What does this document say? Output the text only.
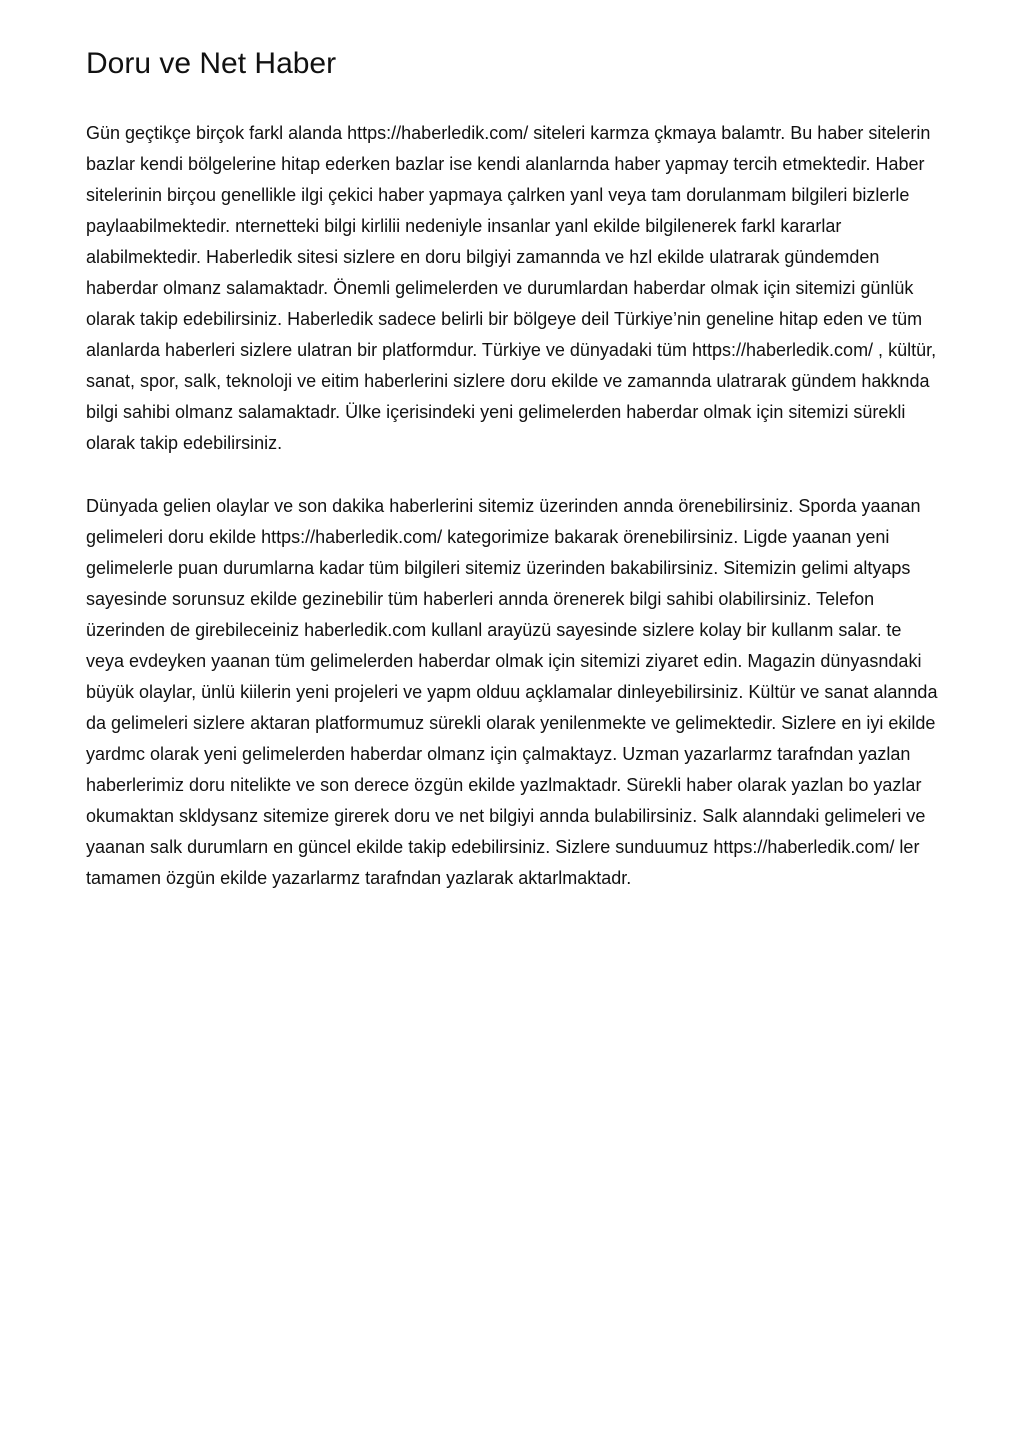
Doru ve Net Haber

Gün geçtikçe birçok farkl alanda https://haberledik.com/ siteleri karmza çkmaya balamtr. Bu haber sitelerin bazlar kendi bölgelerine hitap ederken bazlar ise kendi alanlarnda haber yapmay tercih etmektedir. Haber sitelerinin birçou genellikle ilgi çekici haber yapmaya çalrken yanl veya tam dorulanmam bilgileri bizlerle paylaabilmektedir. nternetteki bilgi kirlilii nedeniyle insanlar yanl ekilde bilgilenerek farkl kararlar alabilmektedir. Haberledik sitesi sizlere en doru bilgiyi zamannda ve hzl ekilde ulatrarak gündemden haberdar olmanz salamaktadr. Önemli gelimelerden ve durumlardan haberdar olmak için sitemizi günlük olarak takip edebilirsiniz. Haberledik sadece belirli bir bölgeye deil Türkiye’nin geneline hitap eden ve tüm alanlarda haberleri sizlere ulatran bir platformdur. Türkiye ve dünyadaki tüm https://haberledik.com/ , kültür, sanat, spor, salk, teknoloji ve eitim haberlerini sizlere doru ekilde ve zamannda ulatrarak gündem hakknda bilgi sahibi olmanz salamaktadr. Ülke içerisindeki yeni gelimelerden haberdar olmak için sitemizi sürekli olarak takip edebilirsiniz.

Dünyada gelien olaylar ve son dakika haberlerini sitemiz üzerinden annda örenebilirsiniz. Sporda yaanan gelimeleri doru ekilde https://haberledik.com/ kategorimize bakarak örenebilirsiniz. Ligde yaanan yeni gelimelerle puan durumlarna kadar tüm bilgileri sitemiz üzerinden bakabilirsiniz. Sitemizin gelimi altyaps sayesinde sorunsuz ekilde gezinebilir tüm haberleri annda örenerek bilgi sahibi olabilirsiniz. Telefon üzerinden de girebileceiniz haberledik.com kullanl arayüzü sayesinde sizlere kolay bir kullanm salar. te veya evdeyken yaanan tüm gelimelerden haberdar olmak için sitemizi ziyaret edin. Magazin dünyasndaki büyük olaylar, ünlü kiilerin yeni projeleri ve yapm olduu açklamalar dinleyebilirsiniz. Kültür ve sanat alannda da gelimeleri sizlere aktaran platformumuz sürekli olarak yenilenmekte ve gelimektedir. Sizlere en iyi ekilde yardmc olarak yeni gelimelerden haberdar olmanz için çalmaktayz. Uzman yazarlarmz tarafndan yazlan haberlerimiz doru nitelikte ve son derece özgün ekilde yazlmaktadr. Sürekli haber olarak yazlan bo yazlar okumaktan skldysanz sitemize girerek doru ve net bilgiyi annda bulabilirsiniz. Salk alanndaki gelimeleri ve yaanan salk durumlarn en güncel ekilde takip edebilirsiniz. Sizlere sunduumuz https://haberledik.com/ ler tamamen özgün ekilde yazarlarmz tarafndan yazlarak aktarlmaktadr.
